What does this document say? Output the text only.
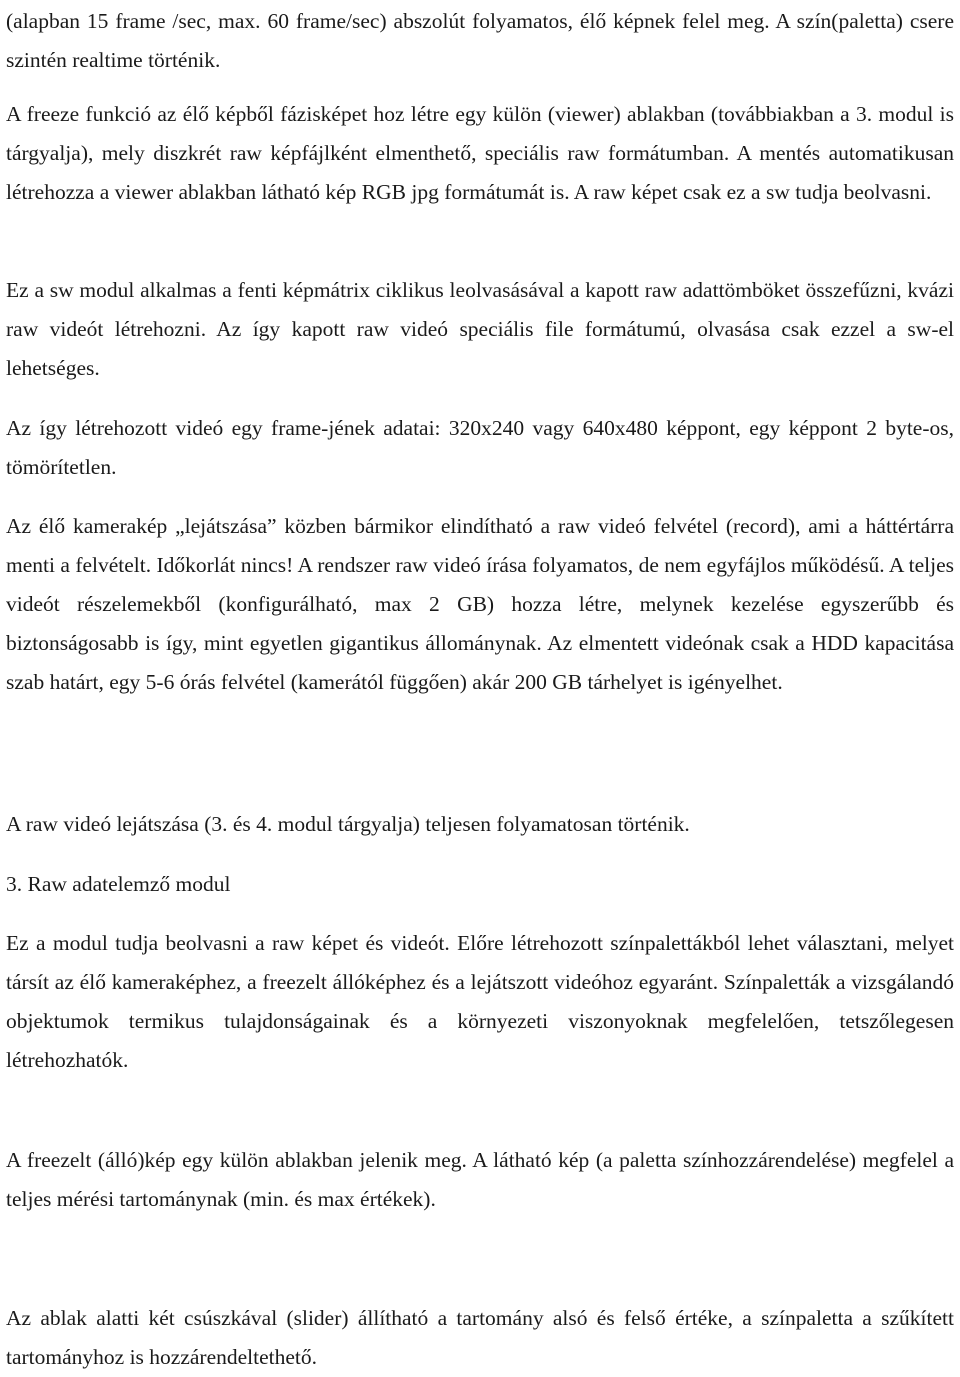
(alapban 15 frame /sec, max. 60 frame/sec) abszolút folyamatos, élő képnek felel meg. A szín(paletta) csere szintén realtime történik.

A freeze funkció az élő képből fázisképet hoz létre egy külön (viewer) ablakban (továbbiakban a 3. modul is tárgyalja), mely diszkrét raw képfájlként elmenthető, speciális raw formátumban. A mentés automatikusan létrehozza a viewer ablakban látható kép RGB jpg formátumát is. A raw képet csak ez a sw tudja beolvasni.

Ez a sw modul alkalmas a fenti képmátrix ciklikus leolvasásával a kapott raw adattömböket összefűzni, kvázi raw videót létrehozni. Az így kapott raw videó speciális file formátumú, olvasása csak ezzel a sw-el lehetséges.

Az így létrehozott videó egy frame-jének adatai: 320x240 vagy 640x480 képpont, egy képpont 2 byte-os, tömörítetlen.

Az élő kamerakép „lejátszása” közben bármikor elindítható a raw videó felvétel (record), ami a háttértárra menti a felvételt. Időkorlát nincs! A rendszer raw videó írása folyamatos, de nem egyfájlos működésű. A teljes videót részelemekből (konfigurálható, max 2 GB) hozza létre, melynek kezelése egyszerűbb és biztonságosabb is így, mint egyetlen gigantikus állománynak. Az elmentett videónak csak a HDD kapacitása szab határt, egy 5-6 órás felvétel (kamerától függően) akár 200 GB tárhelyet is igényelhet.

A raw videó lejátszása (3. és 4. modul tárgyalja) teljesen folyamatosan történik.

3. Raw adatelemző modul

Ez a modul tudja beolvasni a raw képet és videót. Előre létrehozott színpalettákból lehet választani, melyet társít az élő kameraképhez, a freezelt állóképhez és a lejátszott videóhoz egyaránt. Színpaletták a vizsgálandó objektumok termikus tulajdonságainak és a környezeti viszonyoknak megfelelően, tetszőlegesen létrehozhatók.

A freezelt (álló)kép egy külön ablakban jelenik meg. A látható kép (a paletta színhozzárendelése) megfelel a teljes mérési tartománynak (min. és max értékek).

Az ablak alatti két csúszkával (slider) állítható a tartomány alsó és felső értéke, a színpaletta a szűkített tartományhoz is hozzárendeltethető.
